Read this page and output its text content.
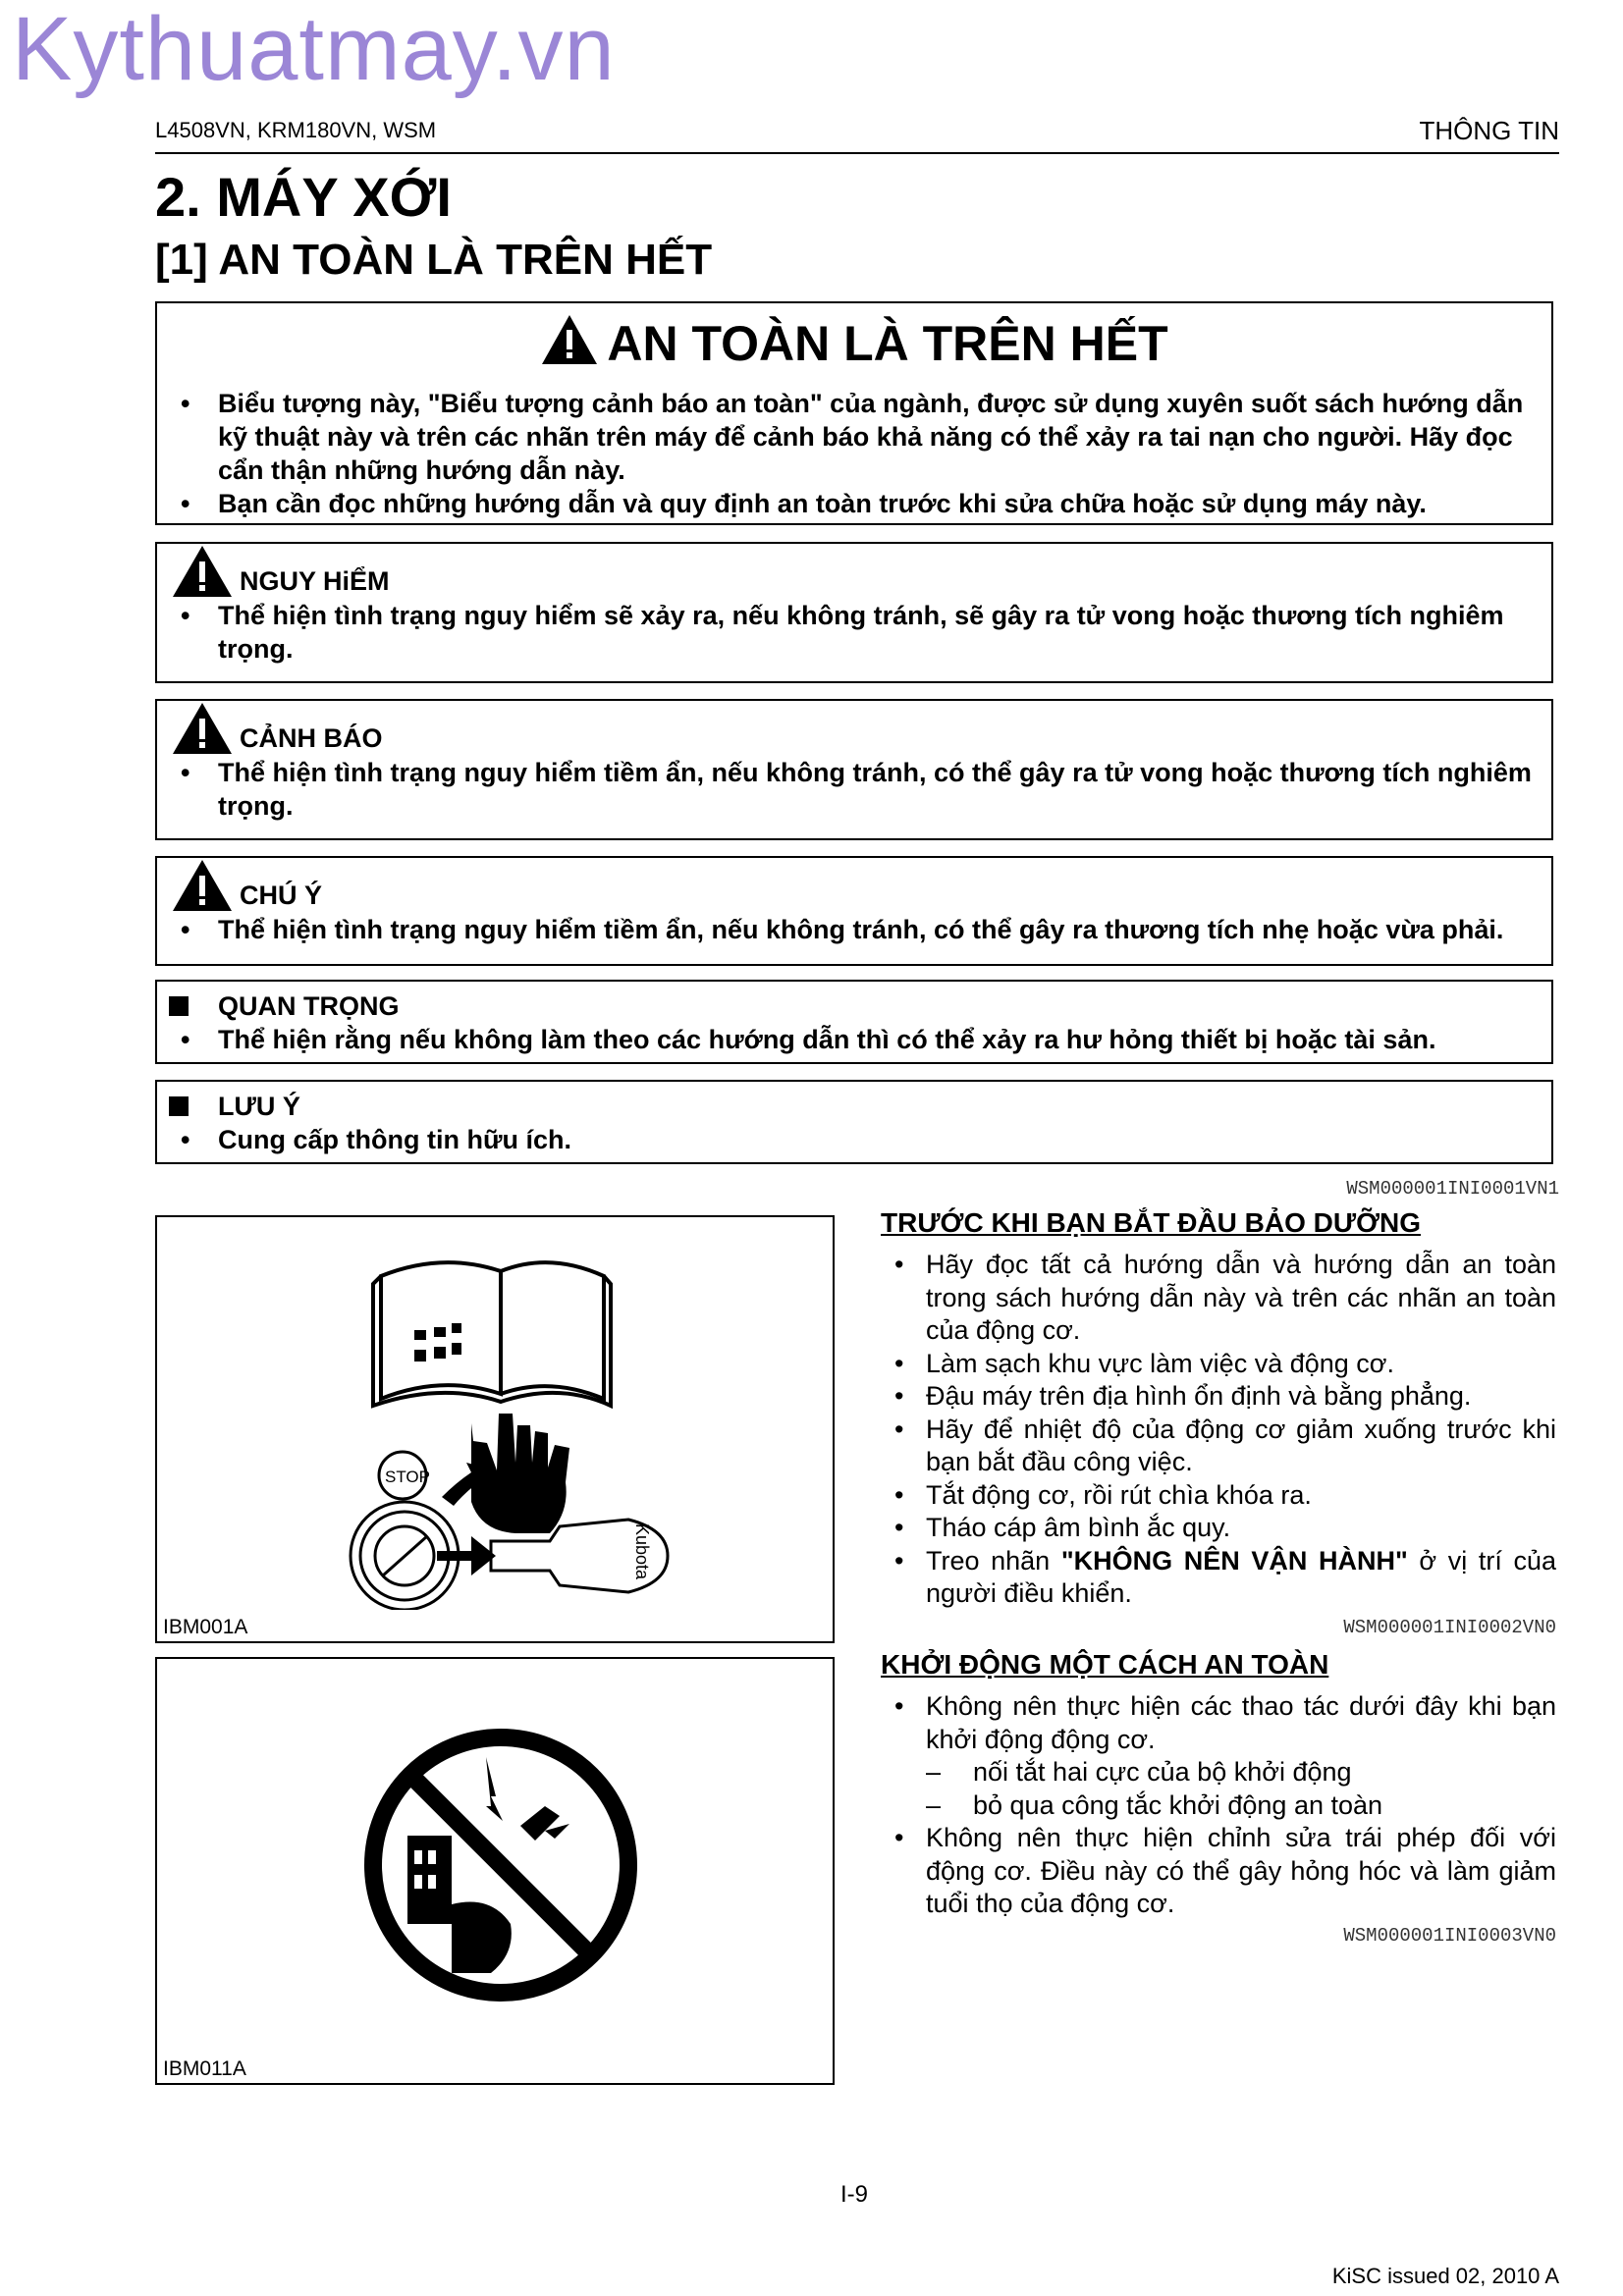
Kythuatmay.vn
L4508VN, KRM180VN, WSM	THÔNG TIN
2. MÁY XỚI
[1] AN TOÀN LÀ TRÊN HẾT
AN TOÀN LÀ TRÊN HẾT
• Biểu tượng này, "Biểu tượng cảnh báo an toàn" của ngành, được sử dụng xuyên suốt sách hướng dẫn kỹ thuật này và trên các nhãn trên máy để cảnh báo khả năng có thể xảy ra tai nạn cho người. Hãy đọc cẩn thận những hướng dẫn này.
• Bạn cần đọc những hướng dẫn và quy định an toàn trước khi sửa chữa hoặc sử dụng máy này.
NGUY HiỂM
• Thể hiện tình trạng nguy hiểm sẽ xảy ra, nếu không tránh, sẽ gây ra tử vong hoặc thương tích nghiêm trọng.
CẢNH BÁO
• Thể hiện tình trạng nguy hiểm tiềm ẩn, nếu không tránh, có thể gây ra tử vong hoặc thương tích nghiêm trọng.
CHÚ Ý
• Thể hiện tình trạng nguy hiểm tiềm ẩn, nếu không tránh, có thể gây ra thương tích nhẹ hoặc vừa phải.
QUAN TRỌNG
• Thể hiện rằng nếu không làm theo các hướng dẫn thì có thể xảy ra hư hỏng thiết bị hoặc tài sản.
LƯU Ý
• Cung cấp thông tin hữu ích.
WSM000001INI0001VN1
STOP
Kubota
IBM001A
IBM011A
TRƯỚC KHI BẠN BẮT ĐẦU BẢO DƯỠNG
• Hãy đọc tất cả hướng dẫn và hướng dẫn an toàn trong sách hướng dẫn này và trên các nhãn an toàn của động cơ.
• Làm sạch khu vực làm việc và động cơ.
• Đậu máy trên địa hình ổn định và bằng phẳng.
• Hãy để nhiệt độ của động cơ giảm xuống trước khi bạn bắt đầu công việc.
• Tắt động cơ, rồi rút chìa khóa ra.
• Tháo cáp âm bình ắc quy.
• Treo nhãn "KHÔNG NÊN VẬN HÀNH" ở vị trí của người điều khiển.
WSM000001INI0002VN0
KHỞI ĐỘNG MỘT CÁCH AN TOÀN
• Không nên thực hiện các thao tác dưới đây khi bạn khởi động động cơ.
– nối tắt hai cực của bộ khởi động
– bỏ qua công tắc khởi động an toàn
• Không nên thực hiện chỉnh sửa trái phép đối với động cơ. Điều này có thể gây hỏng hóc và làm giảm tuổi thọ của động cơ.
WSM000001INI0003VN0
I-9
KiSC issued 02, 2010 A
